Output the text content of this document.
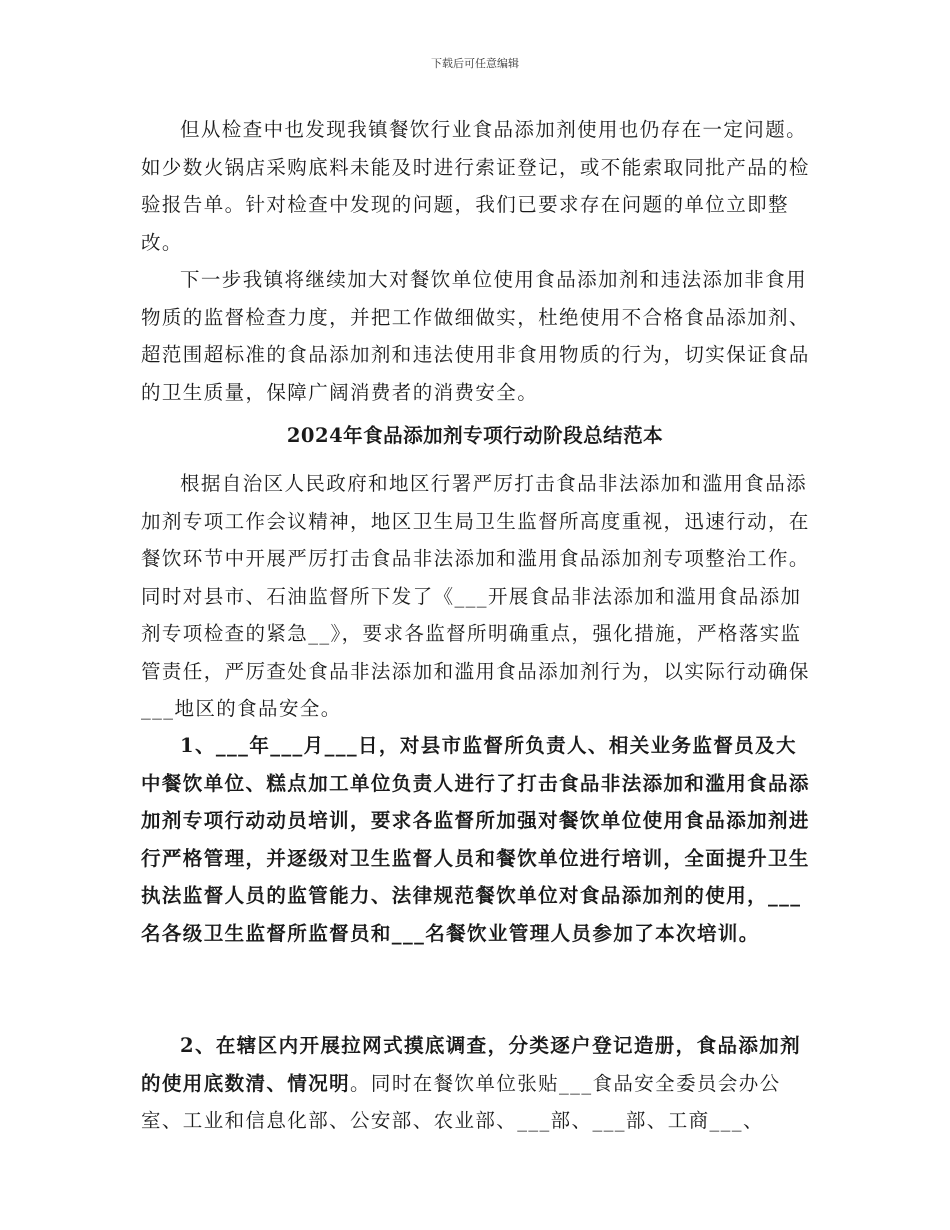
下载后可任意编辑

但从检查中也发现我镇餐饮行业食品添加剂使用也仍存在一定问题。如少数火锅店采购底料未能及时进行索证登记，或不能索取同批产品的检验报告单。针对检查中发现的问题，我们已要求存在问题的单位立即整改。

下一步我镇将继续加大对餐饮单位使用食品添加剂和违法添加非食用物质的监督检查力度，并把工作做细做实，杜绝使用不合格食品添加剂、超范围超标准的食品添加剂和违法使用非食用物质的行为，切实保证食品的卫生质量，保障广阔消费者的消费安全。

2024年食品添加剂专项行动阶段总结范本

根据自治区人民政府和地区行署严厉打击食品非法添加和滥用食品添加剂专项工作会议精神，地区卫生局卫生监督所高度重视，迅速行动，在餐饮环节中开展严厉打击食品非法添加和滥用食品添加剂专项整治工作。同时对县市、石油监督所下发了《___开展食品非法添加和滥用食品添加剂专项检查的紧急__》，要求各监督所明确重点，强化措施，严格落实监管责任，严厉查处食品非法添加和滥用食品添加剂行为，以实际行动确保___地区的食品安全。

1、___年___月___日，对县市监督所负责人、相关业务监督员及大中餐饮单位、糕点加工单位负责人进行了打击食品非法添加和滥用食品添加剂专项行动动员培训，要求各监督所加强对餐饮单位使用食品添加剂进行严格管理，并逐级对卫生监督人员和餐饮单位进行培训，全面提升卫生执法监督人员的监管能力、法律规范餐饮单位对食品添加剂的使用，___名各级卫生监督所监督员和___名餐饮业管理人员参加了本次培训。

2、在辖区内开展拉网式摸底调查，分类逐户登记造册，食品添加剂的使用底数清、情况明。同时在餐饮单位张贴___食品安全委员会办公室、工业和信息化部、公安部、农业部、___部、___部、工商___、
